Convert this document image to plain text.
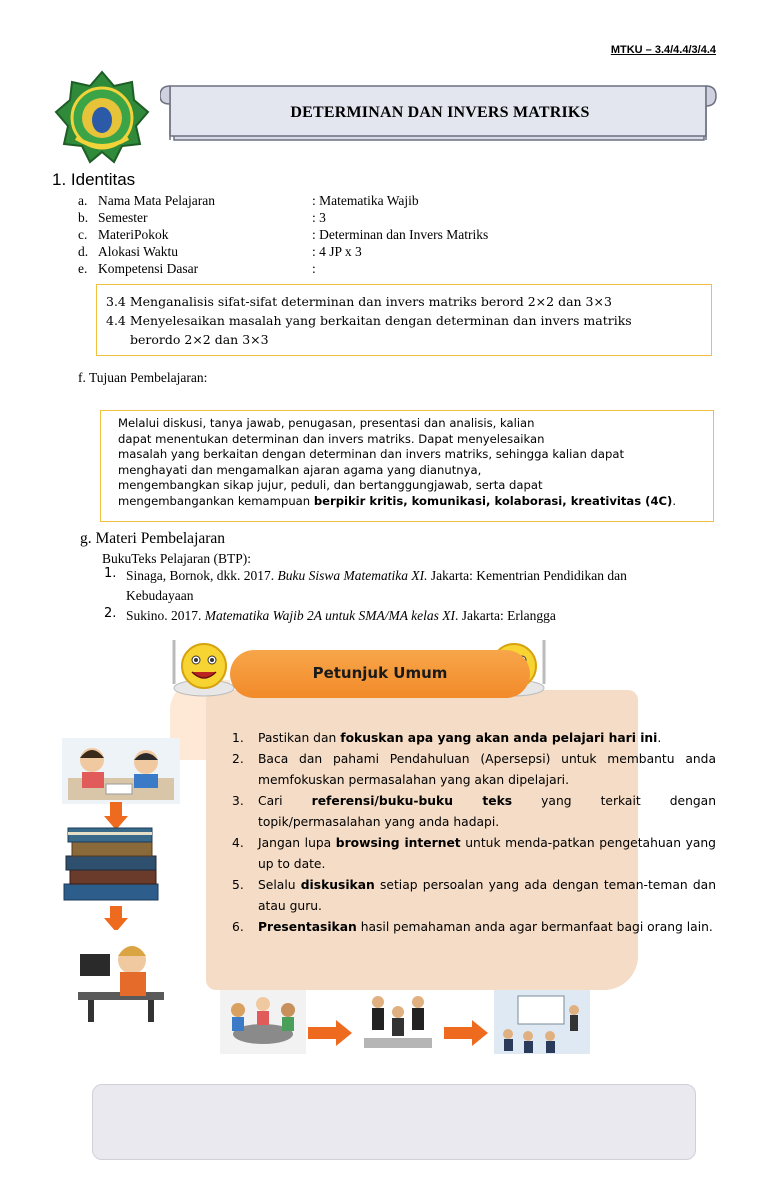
MTKU – 3.4/4.4/3/4.4
DETERMINAN DAN INVERS MATRIKS
1. Identitas
a. Nama Mata Pelajaran	: Matematika Wajib
b. Semester	: 3
c. MateriPokok	: Determinan dan Invers Matriks
d. Alokasi Waktu	: 4 JP x 3
e. Kompetensi Dasar	:
3.4 Menganalisis sifat-sifat determinan dan invers matriks berord 2×2 dan 3×3
4.4 Menyelesaikan masalah yang berkaitan dengan determinan dan invers matriks
berordo 2×2 dan 3×3
f. Tujuan Pembelajaran:
Melalui diskusi, tanya jawab, penugasan, presentasi dan analisis, kalian
dapat menentukan determinan dan invers matriks. Dapat menyelesaikan
masalah yang berkaitan dengan determinan dan invers matriks, sehingga kalian dapat
menghayati dan mengamalkan ajaran agama yang dianutnya,
mengembangkan sikap jujur, peduli, dan bertanggungjawab, serta dapat
mengembangankan kemampuan berpikir kritis, komunikasi, kolaborasi, kreativitas (4C).
g. Materi Pembelajaran
BukuTeks Pelajaran (BTP):
1. Sinaga, Bornok, dkk. 2017. Buku Siswa Matematika XI. Jakarta: Kementrian Pendidikan dan
Kebudayaan
2. Sukino. 2017. Matematika Wajib 2A untuk SMA/MA kelas XI. Jakarta: Erlangga
Petunjuk Umum
1. Pastikan dan fokuskan apa yang akan anda pelajari hari ini.
2. Baca dan pahami Pendahuluan (Apersepsi) untuk membantu anda memfokuskan permasalahan yang akan dipelajari.
3. Cari referensi/buku-buku teks yang terkait dengan topik/permasalahan yang anda hadapi.
4. Jangan lupa browsing internet untuk menda-patkan pengetahuan yang up to date.
5. Selalu diskusikan setiap persoalan yang ada dengan teman-teman dan atau guru.
6. Presentasikan hasil pemahaman anda agar bermanfaat bagi orang lain.
